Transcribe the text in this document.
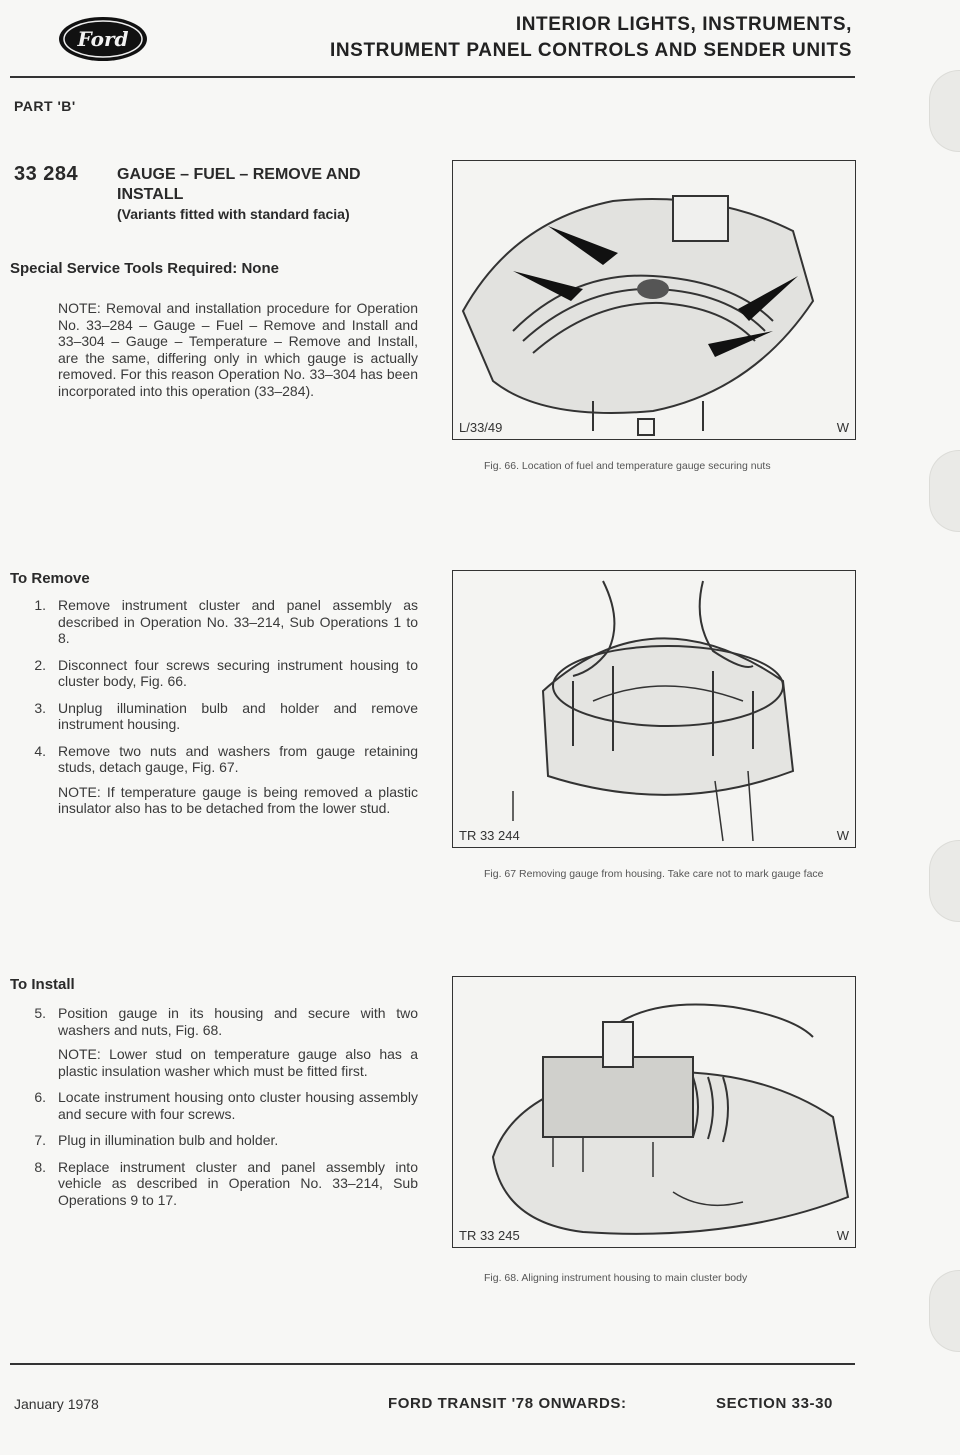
Ford
INTERIOR LIGHTS, INSTRUMENTS,
INSTRUMENT PANEL CONTROLS AND SENDER UNITS
PART 'B'
33 284 GAUGE – FUEL – REMOVE AND INSTALL
(Variants fitted with standard facia)
Special Service Tools Required: None
NOTE: Removal and installation procedure for Operation No. 33–284 – Gauge – Fuel – Remove and Install and 33–304 – Gauge – Temperature – Remove and Install, are the same, differing only in which gauge is actually removed. For this reason Operation No. 33–304 has been incorporated into this operation (33–284).
To Remove
1. Remove instrument cluster and panel assembly as described in Operation No. 33–214, Sub Operations 1 to 8.
2. Disconnect four screws securing instrument housing to cluster body, Fig. 66.
3. Unplug illumination bulb and holder and remove instrument housing.
4. Remove two nuts and washers from gauge retaining studs, detach gauge, Fig. 67.
NOTE: If temperature gauge is being removed a plastic insulator also has to be detached from the lower stud.
To Install
5. Position gauge in its housing and secure with two washers and nuts, Fig. 68.
NOTE: Lower stud on temperature gauge also has a plastic insulation washer which must be fitted first.
6. Locate instrument housing onto cluster housing assembly and secure with four screws.
7. Plug in illumination bulb and holder.
8. Replace instrument cluster and panel assembly into vehicle as described in Operation No. 33–214, Sub Operations 9 to 17.
L/33/49	W
Fig. 66. Location of fuel and temperature gauge securing nuts
TR 33 244	W
Fig. 67 Removing gauge from housing. Take care not to mark gauge face
TR 33 245	W
Fig. 68. Aligning instrument housing to main cluster body
January 1978	FORD TRANSIT '78 ONWARDS:	SECTION 33-30
